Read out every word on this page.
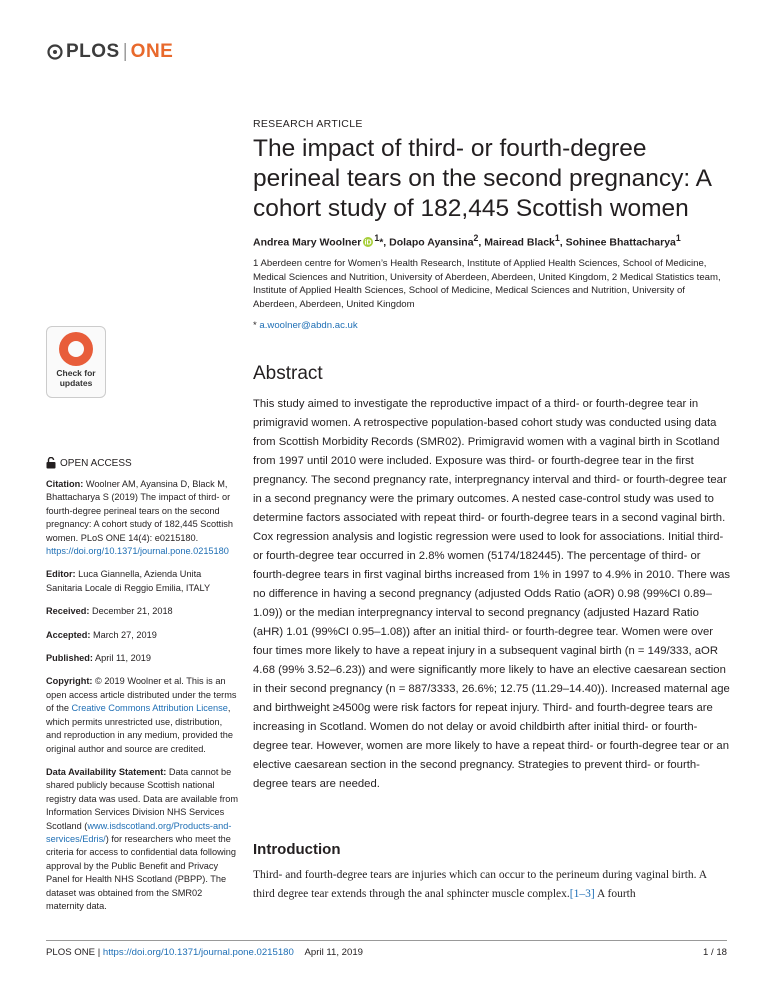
PLOS | ONE
Check for updates
OPEN ACCESS

Citation: Woolner AM, Ayansina D, Black M, Bhattacharya S (2019) The impact of third- or fourth-degree perineal tears on the second pregnancy: A cohort study of 182,445 Scottish women. PLoS ONE 14(4): e0215180. https://doi.org/10.1371/journal.pone.0215180

Editor: Luca Giannella, Azienda Unita Sanitaria Locale di Reggio Emilia, ITALY

Received: December 21, 2018

Accepted: March 27, 2019

Published: April 11, 2019

Copyright: © 2019 Woolner et al. This is an open access article distributed under the terms of the Creative Commons Attribution License, which permits unrestricted use, distribution, and reproduction in any medium, provided the original author and source are credited.

Data Availability Statement: Data cannot be shared publicly because Scottish national registry data was used. Data are available from Information Services Division NHS Services Scotland (www.isdscotland.org/Products-and-services/Edris/) for researchers who meet the criteria for access to confidential data following approval by the Public Benefit and Privacy Panel for Health NHS Scotland (PBPP). The dataset was obtained from the SMR02 maternity data.

RESEARCH ARTICLE
The impact of third- or fourth-degree perineal tears on the second pregnancy: A cohort study of 182,445 Scottish women
Andrea Mary Woolner iD $^1$*, Dolapo Ayansina$^2$, Mairead Black$^1$, Sohinee Bhattacharya$^1$
1 Aberdeen centre for Women’s Health Research, Institute of Applied Health Sciences, School of Medicine, Medical Sciences and Nutrition, University of Aberdeen, Aberdeen, United Kingdom, 2 Medical Statistics team, Institute of Applied Health Sciences, School of Medicine, Medical Sciences and Nutrition, University of Aberdeen, Aberdeen, United Kingdom
* a.woolner@abdn.ac.uk
Abstract
This study aimed to investigate the reproductive impact of a third- or fourth-degree tear in primigravid women. A retrospective population-based cohort study was conducted using data from Scottish Morbidity Records (SMR02). Primigravid women with a vaginal birth in Scotland from 1997 until 2010 were included. Exposure was third- or fourth-degree tear in the first pregnancy. The second pregnancy rate, interpregnancy interval and third- or fourth-degree tear in a second pregnancy were the primary outcomes. A nested case-control study was used to determine factors associated with repeat third- or fourth-degree tears in a second vaginal birth. Cox regression analysis and logistic regression were used to look for associations. Initial third- or fourth-degree tear occurred in 2.8% women (5174/182445). The percentage of third- or fourth-degree tears in first vaginal births increased from 1% in 1997 to 4.9% in 2010. There was no difference in having a second pregnancy (adjusted Odds Ratio (aOR) 0.98 (99%CI 0.89–1.09)) or the median interpregnancy interval to second pregnancy (adjusted Hazard Ratio (aHR) 1.01 (99%CI 0.95–1.08)) after an initial third- or fourth-degree tear. Women were over four times more likely to have a repeat injury in a subsequent vaginal birth (n = 149/333, aOR 4.68 (99% 3.52–6.23)) and were significantly more likely to have an elective caesarean section in their second pregnancy (n = 887/3333, 26.6%; 12.75 (11.29–14.40)). Increased maternal age and birthweight ≥4500g were risk factors for repeat injury. Third- and fourth-degree tears are increasing in Scotland. Women do not delay or avoid childbirth after initial third- or fourth-degree tear. However, women are more likely to have a repeat third- or fourth-degree tear or an elective caesarean section in the second pregnancy. Strategies to prevent third- or fourth-degree tears are needed.
Introduction
Third- and fourth-degree tears are injuries which can occur to the perineum during vaginal birth. A third degree tear extends through the anal sphincter muscle complex.[1–3] A fourth
PLOS ONE | https://doi.org/10.1371/journal.pone.0215180 April 11, 2019	1 / 18
